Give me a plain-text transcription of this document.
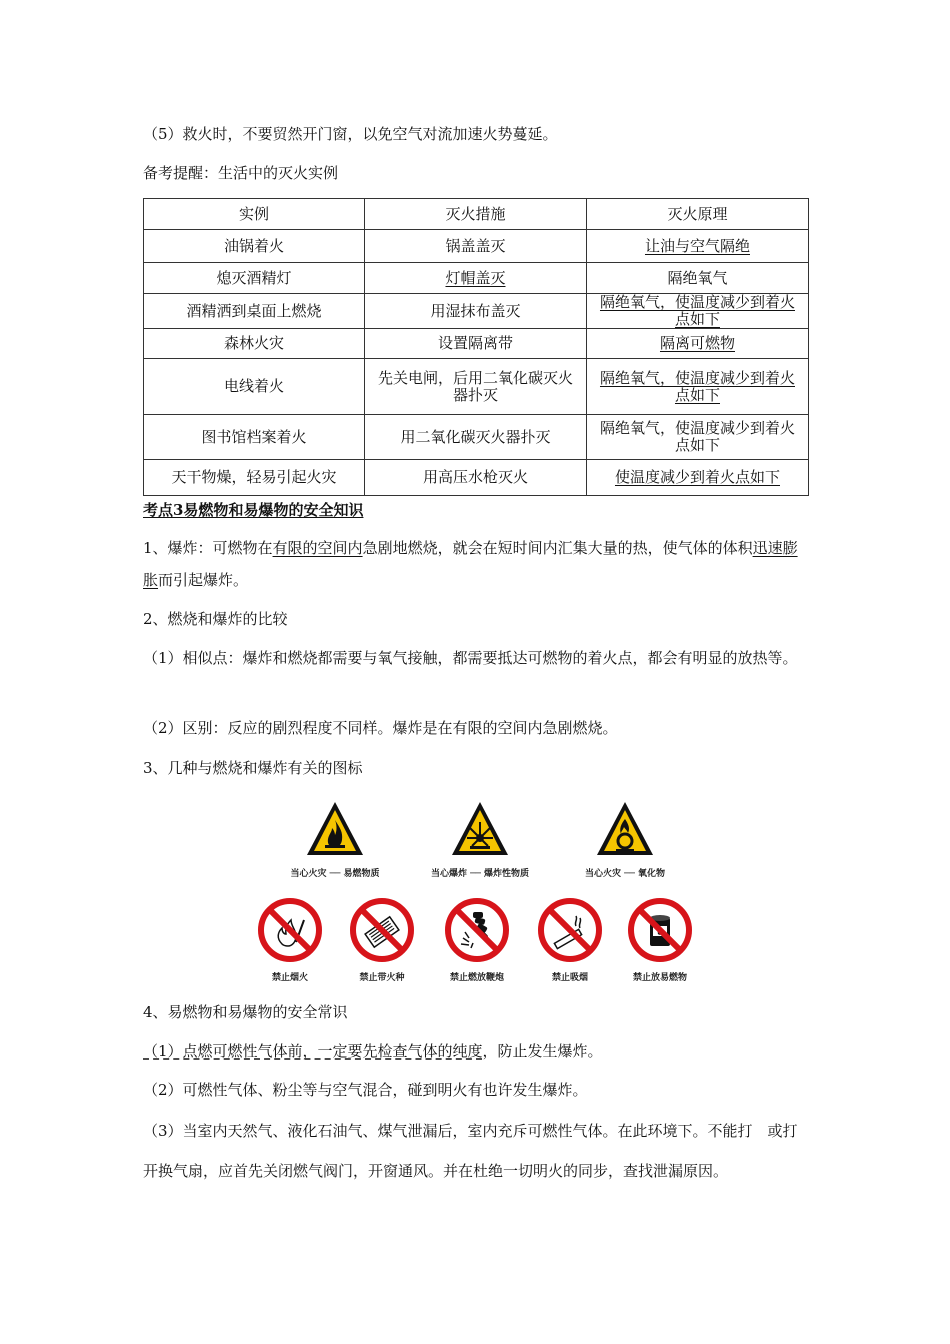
（5）救火时，不要贸然开门窗，以免空气对流加速火势蔓延。
备考提醒：生活中的灭火实例
实例	灭火措施	灭火原理
油锅着火	锅盖盖灭	让油与空气隔绝
熄灭酒精灯	灯帽盖灭	隔绝氧气
酒精洒到桌面上燃烧	用湿抹布盖灭	隔绝氧气，使温度减少到着火点如下
森林火灾	设置隔离带	隔离可燃物
电线着火	先关电闸，后用二氧化碳灭火器扑灭	隔绝氧气，使温度减少到着火点如下
图书馆档案着火	用二氧化碳灭火器扑灭	隔绝氧气，使温度减少到着火点如下
天干物燥，轻易引起火灾	用高压水枪灭火	使温度减少到着火点如下
考点3易燃物和易爆物的安全知识
1、爆炸：可燃物在有限的空间内急剧地燃烧，就会在短时间内汇集大量的热，使气体的体积迅速膨胀而引起爆炸。
2、燃烧和爆炸的比较
（1）相似点：爆炸和燃烧都需要与氧气接触，都需要抵达可燃物的着火点，都会有明显的放热等。
（2）区别：反应的剧烈程度不同样。爆炸是在有限的空间内急剧燃烧。
3、几种与燃烧和爆炸有关的图标
当心火灾 ── 易燃物质	当心爆炸 ── 爆炸性物质	当心火灾 ── 氧化物
禁止烟火	禁止带火种	禁止燃放鞭炮	禁止吸烟	禁止放易燃物
4、易燃物和易爆物的安全常识
（1）点燃可燃性气体前，一定要先检查气体的纯度，防止发生爆炸。
（2）可燃性气体、粉尘等与空气混合，碰到明火有也许发生爆炸。
（3）当室内天然气、液化石油气、煤气泄漏后，室内充斥可燃性气体。在此环境下。不能打　或打开换气扇，应首先关闭燃气阀门，开窗通风。并在杜绝一切明火的同步，查找泄漏原因。
